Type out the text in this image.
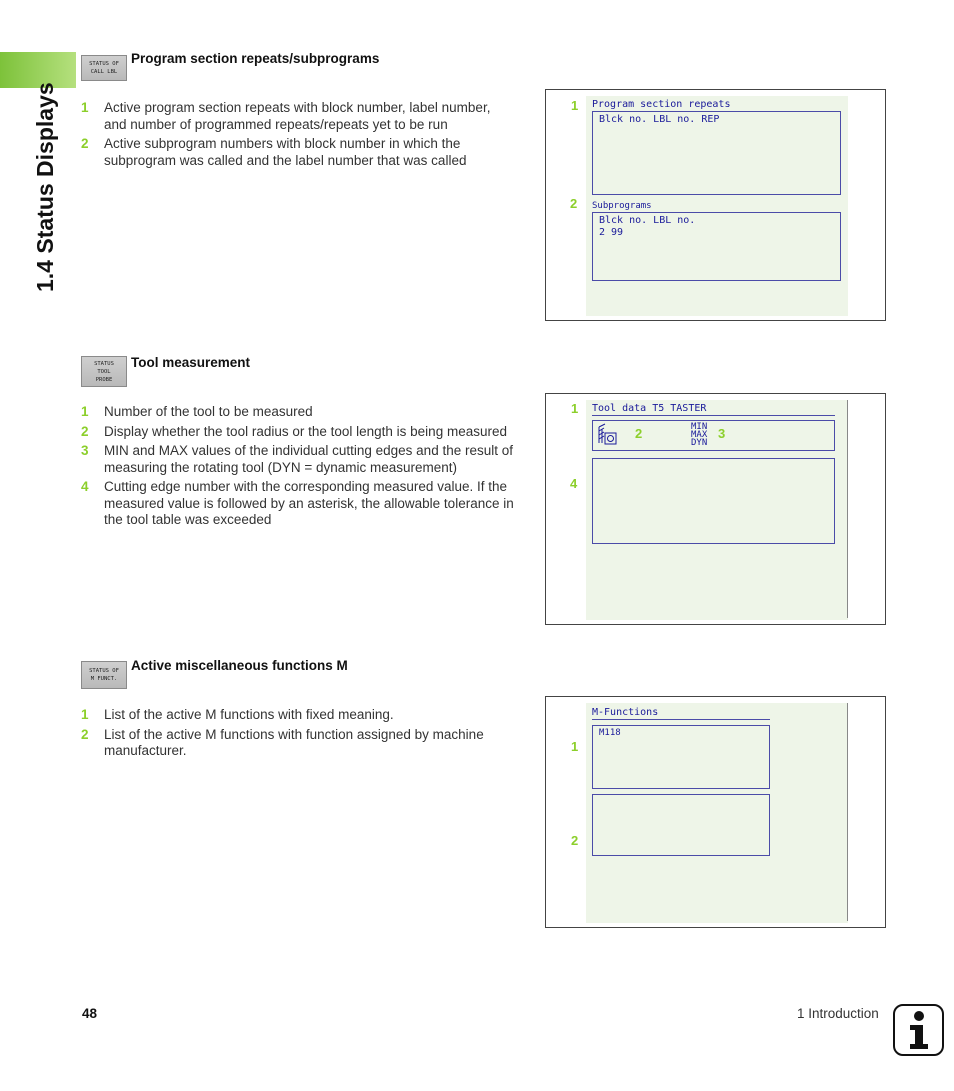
1.4 Status Displays
STATUS OF
CALL LBL
Program section repeats/subprograms
1	Active program section repeats with block number, label number, and number of programmed repeats/repeats yet to be run
2	Active subprogram numbers with block number in which the subprogram was called and the label number that was called
Program section repeats
Blck no. LBL no. REP
Subprograms
Blck no. LBL no.
2 99
1
2
STATUS
TOOL
PROBE
Tool measurement
1	Number of the tool to be measured
2	Display whether the tool radius or the tool length is being measured
3	MIN and MAX values of the individual cutting edges and the result of measuring the rotating tool (DYN = dynamic measurement)
4	Cutting edge number with the corresponding measured value. If the measured value is followed by an asterisk, the allowable tolerance in the tool table was exceeded
Tool data T5 TASTER
MIN
MAX
DYN
1
2	3
4
STATUS OF
M FUNCT.
Active miscellaneous functions M
1	List of the active M functions with fixed meaning.
2	List of the active M functions with function assigned by machine manufacturer.
M-Functions
M118
1
2
48	1 Introduction
